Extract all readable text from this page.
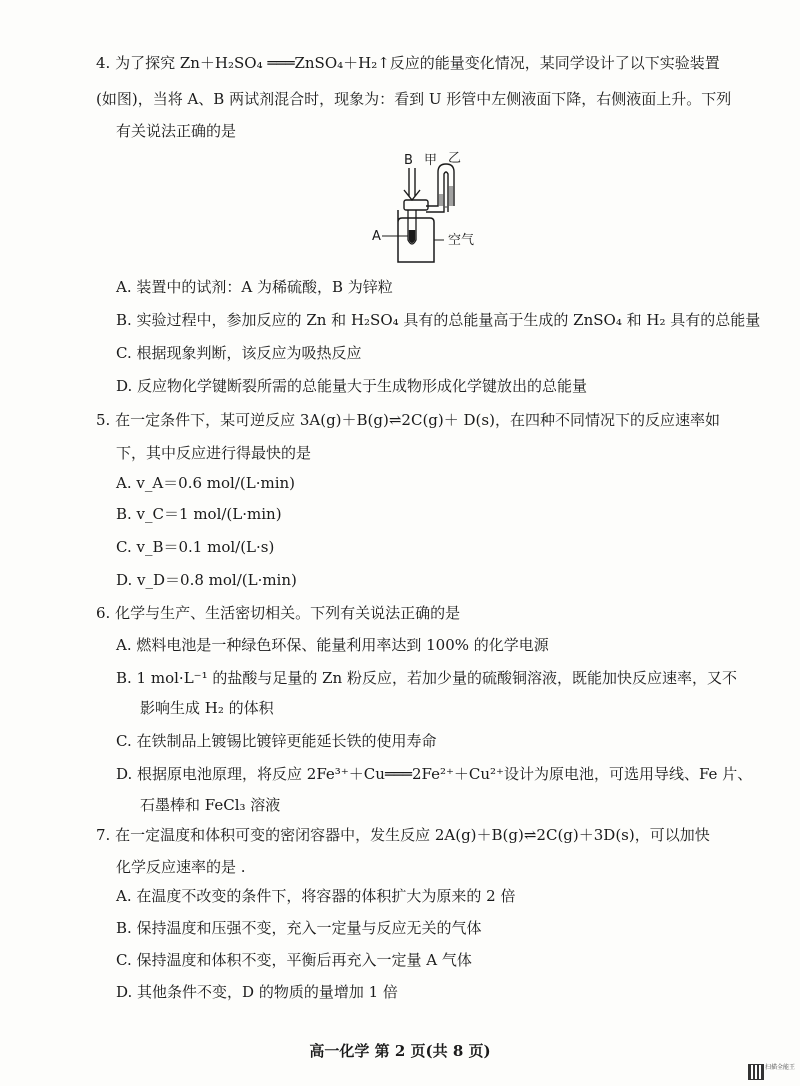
4. 为了探究 Zn＋H₂SO₄ ═══ZnSO₄＋H₂↑反应的能量变化情况，某同学设计了以下实验装置
(如图)，当将 A、B 两试剂混合时，现象为：看到 U 形管中左侧液面下降，右侧液面上升。下列
有关说法正确的是
B
A
甲 乙
空气
A. 装置中的试剂：A 为稀硫酸，B 为锌粒
B. 实验过程中，参加反应的 Zn 和 H₂SO₄ 具有的总能量高于生成的 ZnSO₄ 和 H₂ 具有的总能量
C. 根据现象判断，该反应为吸热反应
D. 反应物化学键断裂所需的总能量大于生成物形成化学键放出的总能量
5. 在一定条件下，某可逆反应 3A(g)＋B(g)⇌2C(g)＋ D(s)，在四种不同情况下的反应速率如
下，其中反应进行得最快的是
A. v_A＝0.6 mol/(L·min)
B. v_C＝1 mol/(L·min)
C. v_B＝0.1 mol/(L·s)
D. v_D＝0.8 mol/(L·min)
6. 化学与生产、生活密切相关。下列有关说法正确的是
A. 燃料电池是一种绿色环保、能量利用率达到 100% 的化学电源
B. 1 mol·L⁻¹ 的盐酸与足量的 Zn 粉反应，若加少量的硫酸铜溶液，既能加快反应速率，又不
影响生成 H₂ 的体积
C. 在铁制品上镀锡比镀锌更能延长铁的使用寿命
D. 根据原电池原理，将反应 2Fe³⁺＋Cu═══2Fe²⁺＋Cu²⁺设计为原电池，可选用导线、Fe 片、
石墨棒和 FeCl₃ 溶液
7. 在一定温度和体积可变的密闭容器中，发生反应 2A(g)＋B(g)⇌2C(g)＋3D(s)，可以加快
化学反应速率的是 .
A. 在温度不改变的条件下，将容器的体积扩大为原来的 2 倍
B. 保持温度和压强不变，充入一定量与反应无关的气体
C. 保持温度和体积不变，平衡后再充入一定量 A 气体
D. 其他条件不变，D 的物质的量增加 1 倍
高一化学 第 2 页(共 8 页)
扫描全能王
